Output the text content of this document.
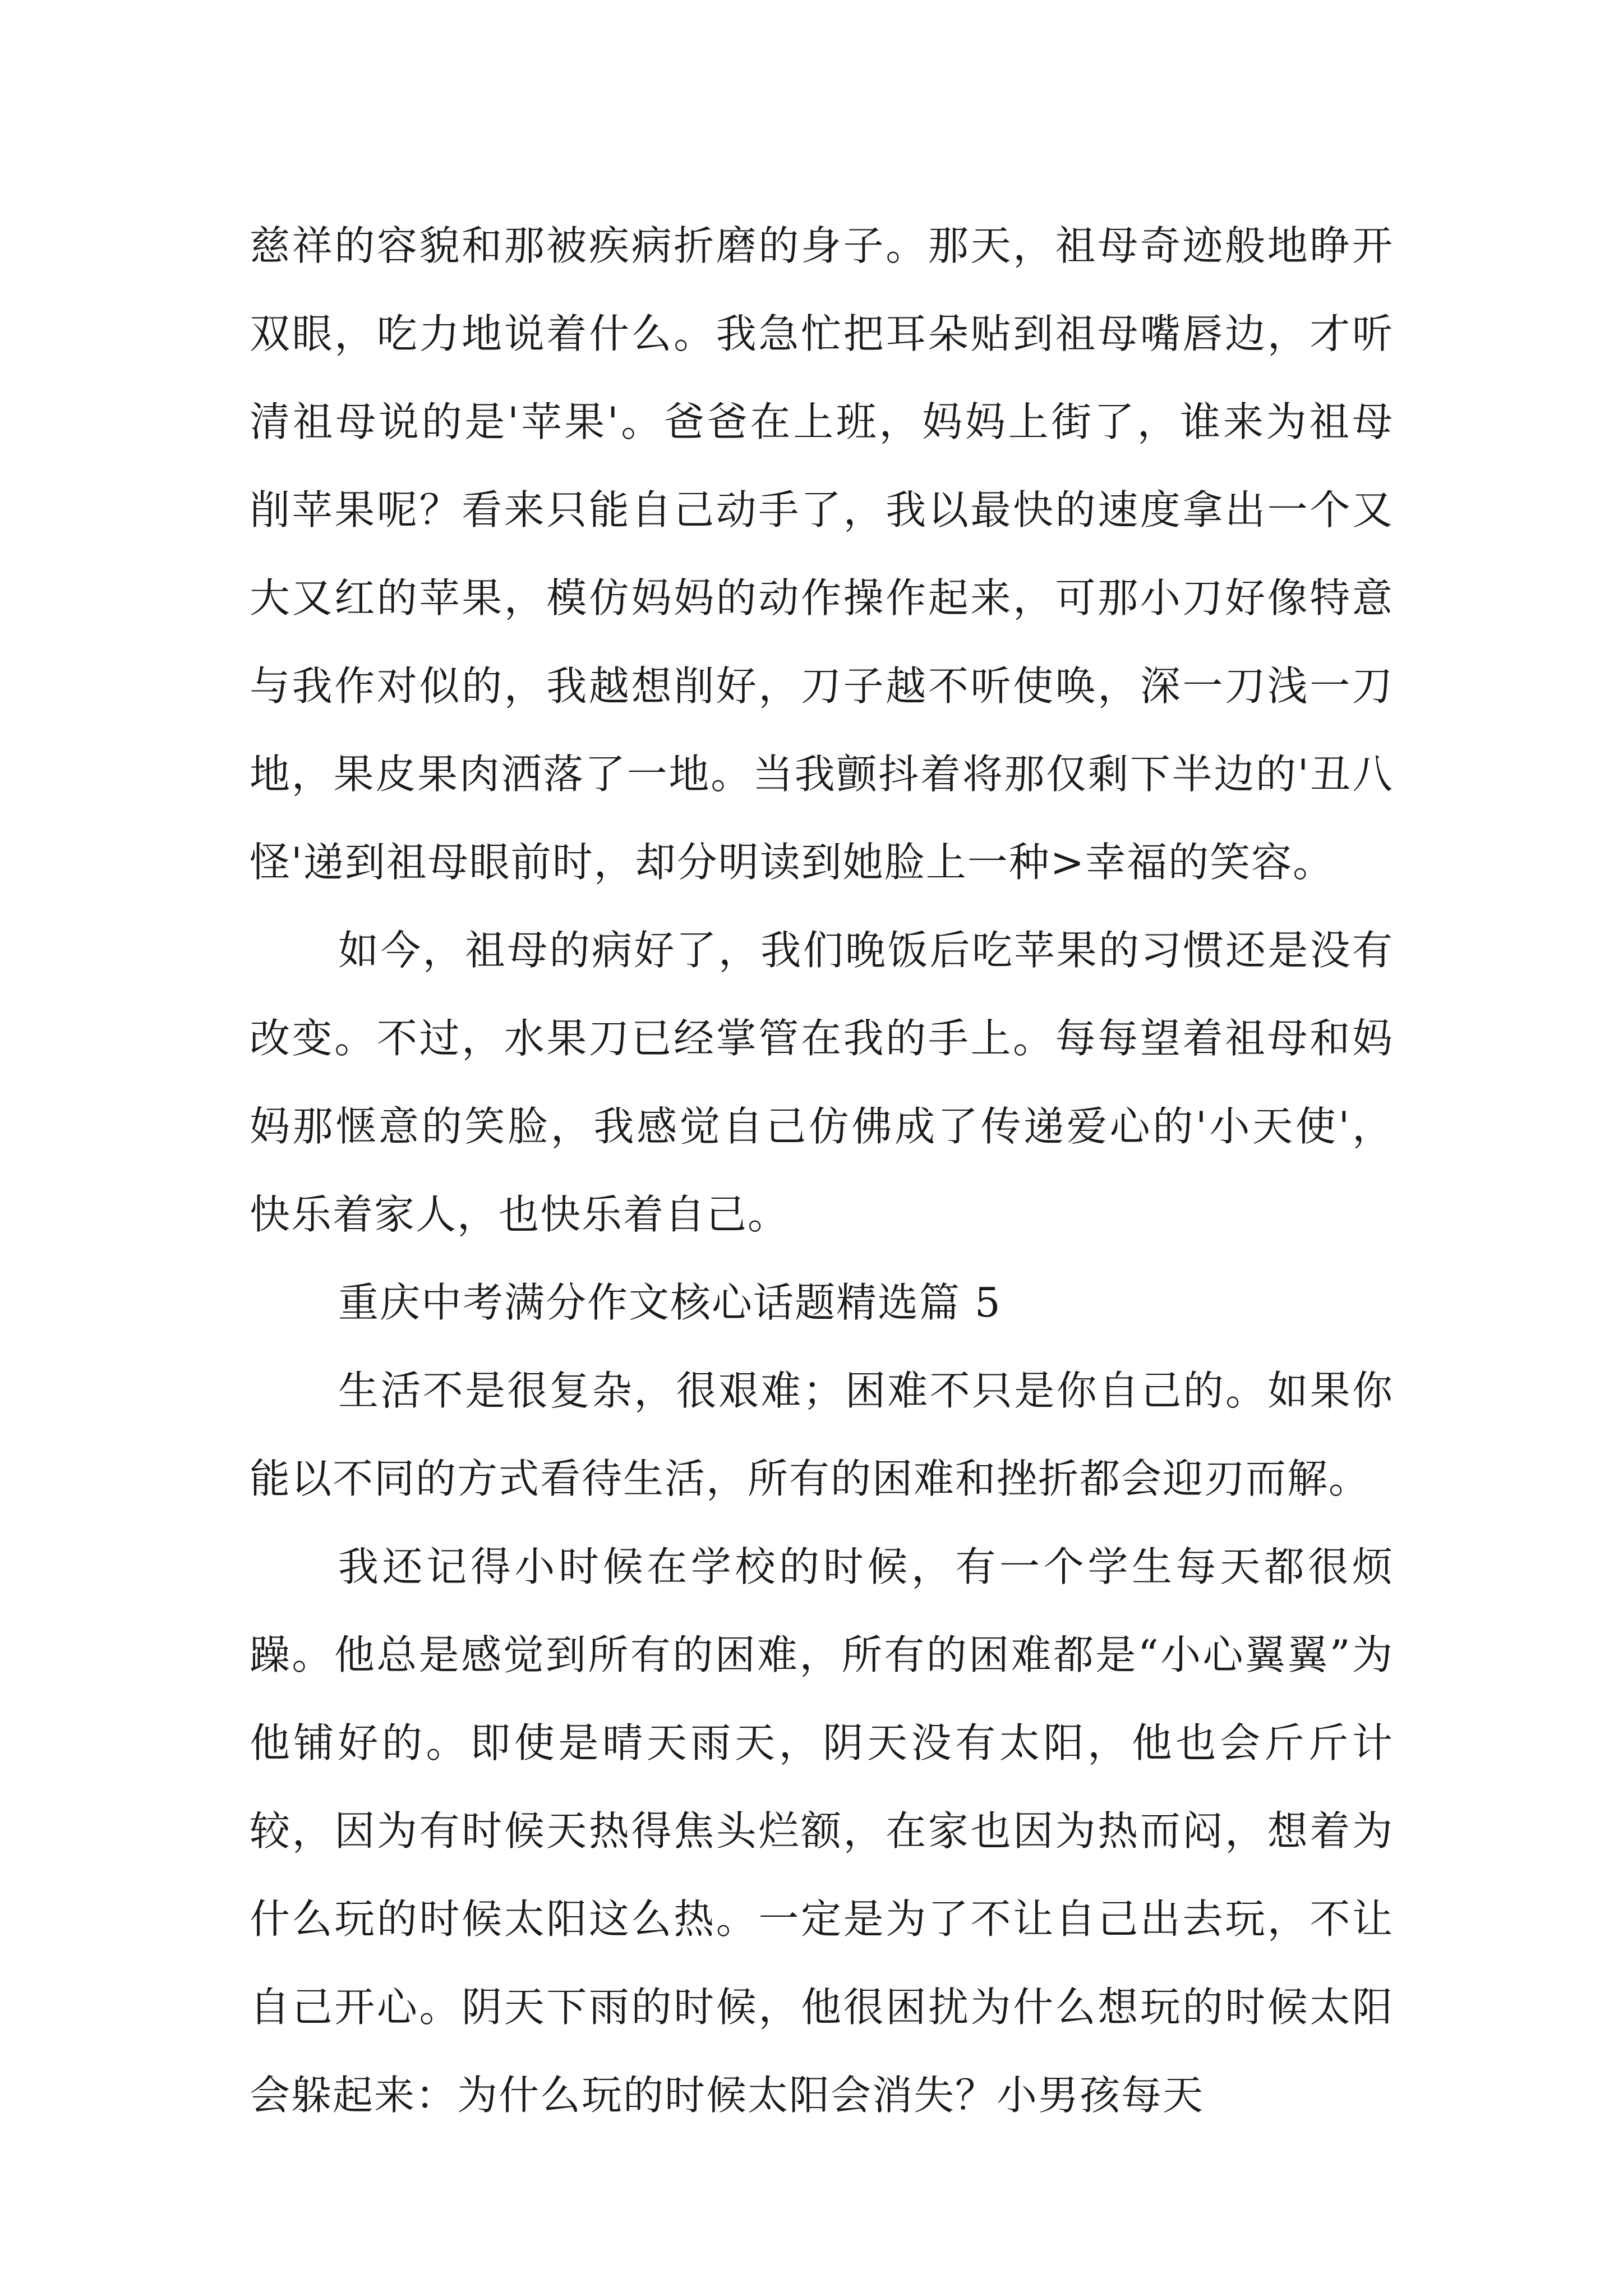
慈祥的容貌和那被疾病折磨的身子。那天，祖母奇迹般地睁开双眼，吃力地说着什么。我急忙把耳朵贴到祖母嘴唇边，才听清祖母说的是'苹果'。爸爸在上班，妈妈上街了，谁来为祖母削苹果呢？看来只能自己动手了，我以最快的速度拿出一个又大又红的苹果，模仿妈妈的动作操作起来，可那小刀好像特意与我作对似的，我越想削好，刀子越不听使唤，深一刀浅一刀地，果皮果肉洒落了一地。当我颤抖着将那仅剩下半边的'丑八怪'递到祖母眼前时，却分明读到她脸上一种>幸福的笑容。

如今，祖母的病好了，我们晚饭后吃苹果的习惯还是没有改变。不过，水果刀已经掌管在我的手上。每每望着祖母和妈妈那惬意的笑脸，我感觉自己仿佛成了传递爱心的'小天使'，快乐着家人，也快乐着自己。

重庆中考满分作文核心话题精选篇 5

生活不是很复杂，很艰难；困难不只是你自己的。如果你能以不同的方式看待生活，所有的困难和挫折都会迎刃而解。

我还记得小时候在学校的时候，有一个学生每天都很烦躁。他总是感觉到所有的困难，所有的困难都是“小心翼翼”为他铺好的。即使是晴天雨天，阴天没有太阳，他也会斤斤计较，因为有时候天热得焦头烂额，在家也因为热而闷，想着为什么玩的时候太阳这么热。一定是为了不让自己出去玩，不让自己开心。阴天下雨的时候，他很困扰为什么想玩的时候太阳会躲起来：为什么玩的时候太阳会消失？小男孩每天
